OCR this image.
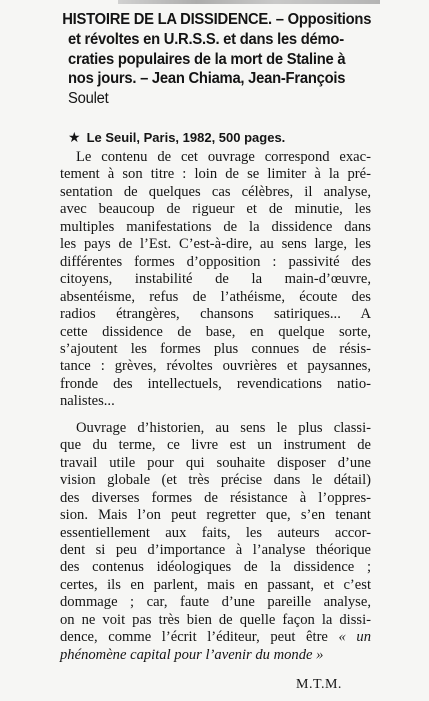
HISTOIRE DE LA DISSIDENCE. – Oppositions
et révoltes en U.R.S.S. et dans les démo-
craties populaires de la mort de Staline à
nos jours. – Jean Chiama, Jean-François
Soulet
★ Le Seuil, Paris, 1982, 500 pages.

Le contenu de cet ouvrage correspond exac-
tement à son titre : loin de se limiter à la pré-
sentation de quelques cas célèbres, il analyse,
avec beaucoup de rigueur et de minutie, les
multiples manifestations de la dissidence dans
les pays de l’Est. C’est-à-dire, au sens large, les
différentes formes d’opposition : passivité des
citoyens, instabilité de la main-d’œuvre,
absentéisme, refus de l’athéisme, écoute des
radios étrangères, chansons satiriques... A
cette dissidence de base, en quelque sorte,
s’ajoutent les formes plus connues de résis-
tance : grèves, révoltes ouvrières et paysannes,
fronde des intellectuels, revendications natio-
nalistes...

Ouvrage d’historien, au sens le plus classi-
que du terme, ce livre est un instrument de
travail utile pour qui souhaite disposer d’une
vision globale (et très précise dans le détail)
des diverses formes de résistance à l’oppres-
sion. Mais l’on peut regretter que, s’en tenant
essentiellement aux faits, les auteurs accor-
dent si peu d’importance à l’analyse théorique
des contenus idéologiques de la dissidence ;
certes, ils en parlent, mais en passant, et c’est
dommage ; car, faute d’une pareille analyse,
on ne voit pas très bien de quelle façon la dissi-
dence, comme l’écrit l’éditeur, peut être « un
phénomène capital pour l’avenir du monde »

M.T.M.
